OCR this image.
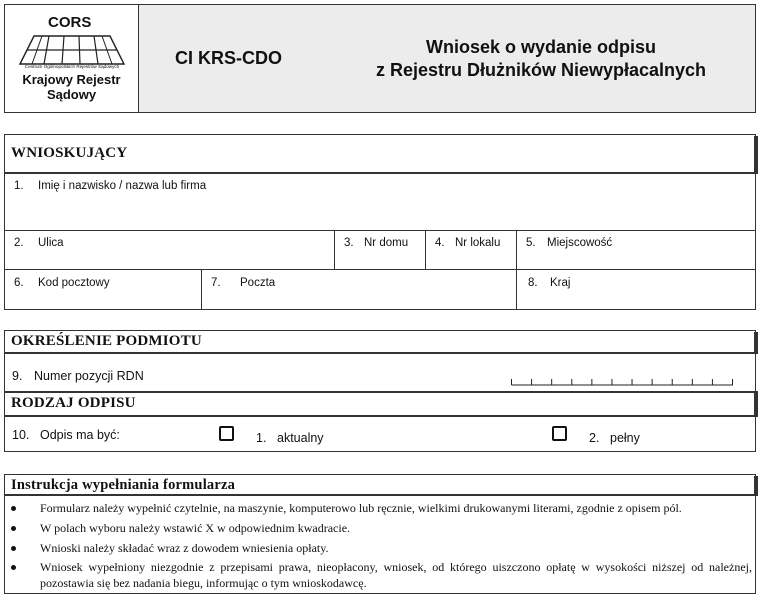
CORS
Centrum Ogólnopolskich Rejestrów Sądowych
Krajowy Rejestr
Sądowy
CI KRS-CDO
Wniosek o wydanie odpisu
z Rejestru Dłużników Niewypłacalnych
WNIOSKUJĄCY
1. Imię i nazwisko / nazwa lub firma
2. Ulica	3. Nr domu 4. Nr lokalu 5. Miejscowość
6. Kod pocztowy	7. Poczta	8. Kraj
OKREŚLENIE PODMIOTU
9. Numer pozycji RDN
RODZAJ ODPISU
10. Odpis ma być:	1. aktualny	2. pełny
Instrukcja wypełniania formularza
Formularz należy wypełnić czytelnie, na maszynie, komputerowo lub ręcznie, wielkimi drukowanymi literami, zgodnie z opisem pól.
W polach wyboru należy wstawić X w odpowiednim kwadracie.
Wnioski należy składać wraz z dowodem wniesienia opłaty.
Wniosek wypełniony niezgodnie z przepisami prawa, nieopłacony, wniosek, od którego uiszczono opłatę w wysokości niższej od należnej, pozostawia się bez nadania biegu, informując o tym wnioskodawcę.
